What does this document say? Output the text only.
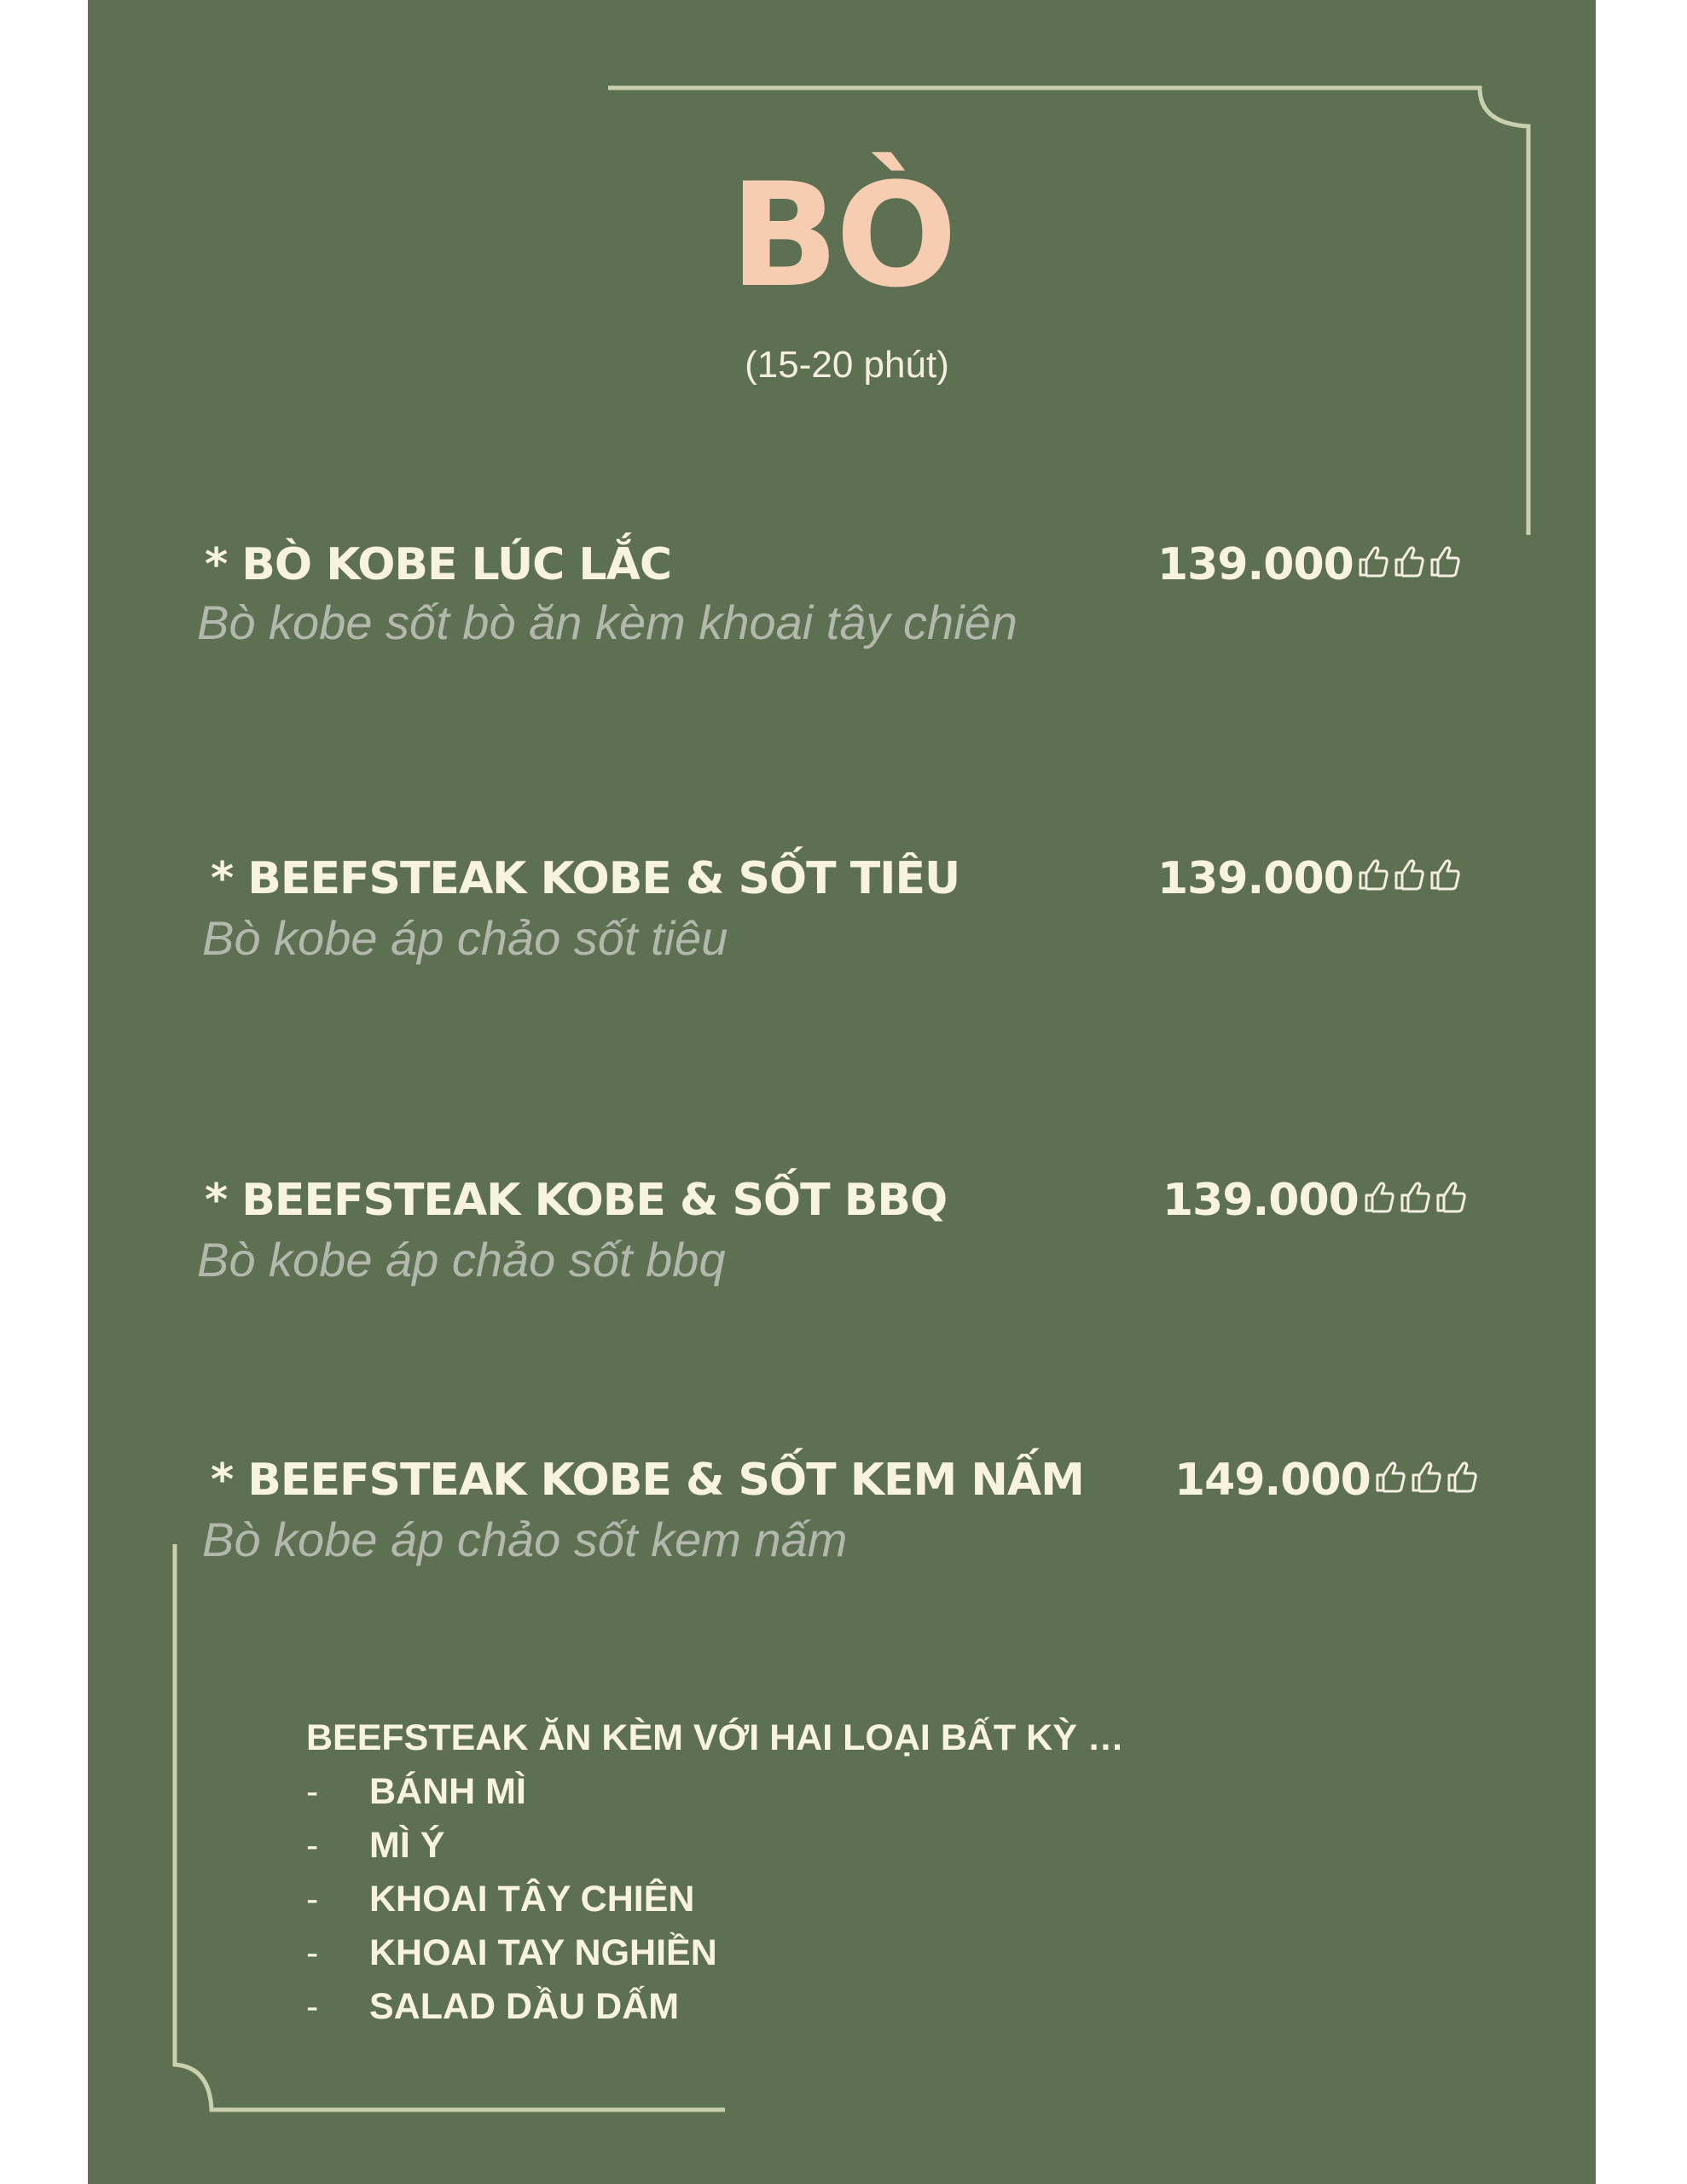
BÒ
(15-20 phút)
* BÒ KOBE LÚC LẮC
Bò kobe sốt bò ăn kèm khoai tây chiên
139.000
* BEEFSTEAK KOBE & SỐT TIÊU
Bò kobe áp chảo sốt tiêu
139.000
* BEEFSTEAK KOBE & SỐT BBQ
Bò kobe áp chảo sốt bbq
139.000
* BEEFSTEAK KOBE & SỐT KEM NẤM
Bò kobe áp chảo sốt kem nấm
149.000
BEEFSTEAK ĂN KÈM VỚI HAI LOẠI BẤT KỲ …
-	BÁNH MÌ
-	MÌ Ý
-	KHOAI TÂY CHIÊN
-	KHOAI TAY NGHIỀN
-	SALAD DẦU DẤM
